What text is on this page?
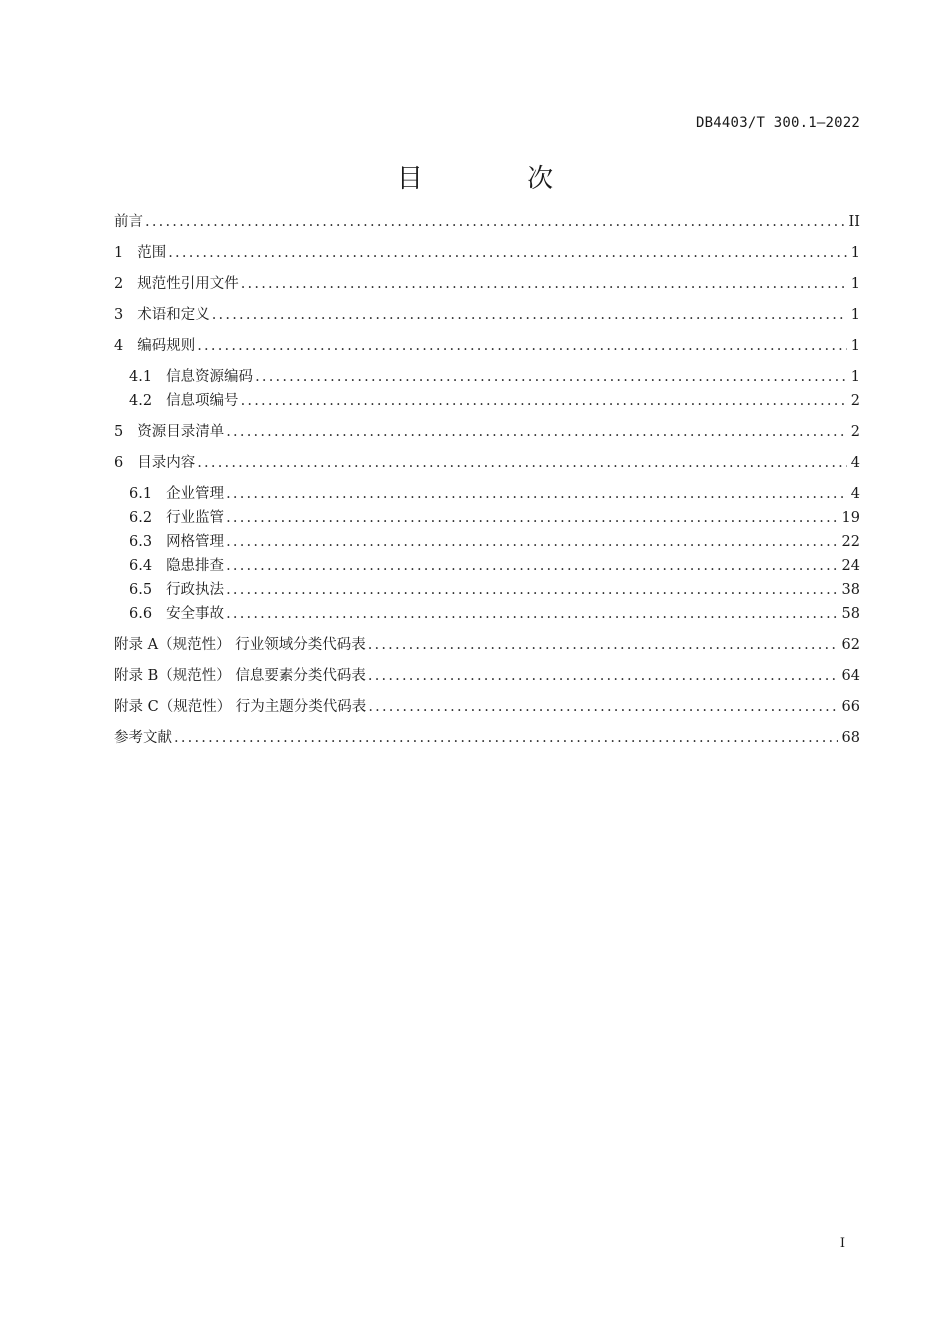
DB4403/T 300.1—2022
目 次
前言 . . .	II
1 范围 . . .	1
2 规范性引用文件 . . .	1
3 术语和定义 . . .	1
4 编码规则 . . .	1
4.1 信息资源编码 . . .	1
4.2 信息项编号 . . .	2
5 资源目录清单 . . .	2
6 目录内容 . . .	4
6.1 企业管理 . . .	4
6.2 行业监管 . . .	19
6.3 网格管理 . . .	22
6.4 隐患排查 . . .	24
6.5 行政执法 . . .	38
6.6 安全事故 . . .	58
附录 A（规范性） 行业领域分类代码表 . . .	62
附录 B（规范性） 信息要素分类代码表 . . .	64
附录 C（规范性） 行为主题分类代码表 . . .	66
参考文献 . . .	68
I
